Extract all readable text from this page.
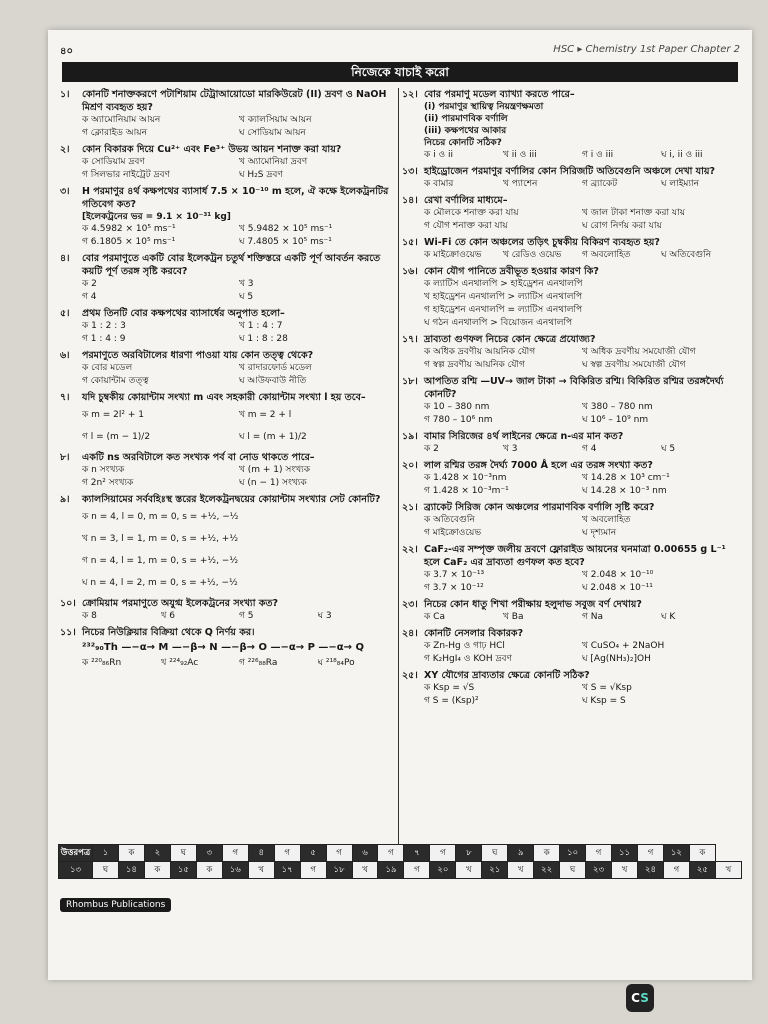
৪০	HSC ▸ Chemistry 1st Paper Chapter 2
নিজেকে যাচাই করো
১।	কোনটি শনাক্তকরণে পটাশিয়াম টেট্রাআয়োডো মারকিউরেট (II) দ্রবণ ও NaOH মিশ্রণ ব্যবহৃত হয়?
ক অ্যামোনিয়াম আয়ন	খ ক্যালসিয়াম আয়ন
গ ক্লোরাইড আয়ন	ঘ সোডিয়াম আয়ন
২।	কোন বিকারক দিয়ে Cu²⁺ এবং Fe³⁺ উভয় আয়ন শনাক্ত করা যায়?
ক সোডিয়াম দ্রবণ	খ অ্যামোনিয়া দ্রবণ
গ সিলভার নাইট্রেট দ্রবণ	ঘ H₂S দ্রবণ
৩।	H পরমাণুর ৪র্থ কক্ষপথের ব্যাসার্ধ 7.5 × 10⁻¹⁰ m হলে, ঐ কক্ষে ইলেকট্রনটির গতিবেগ কত?
[ইলেকট্রনের ভর = 9.1 × 10⁻³¹ kg]
ক 4.5982 × 10⁵ ms⁻¹	খ 5.9482 × 10⁵ ms⁻¹
গ 6.1805 × 10⁵ ms⁻¹	ঘ 7.4805 × 10⁵ ms⁻¹
৪।	বোর পরমাণুতে একটি বোর ইলেকট্রন চতুর্থ শক্তিস্তরে একটি পূর্ণ আবর্তন করতে কয়টি পূর্ণ তরঙ্গ সৃষ্টি করবে?
ক 2	খ 3
গ 4	ঘ 5
৫।	প্রথম তিনটি বোর কক্ষপথের ব্যাসার্ধের অনুপাত হলো–
ক 1 : 2 : 3	খ 1 : 4 : 7
গ 1 : 4 : 9	ঘ 1 : 8 : 28
৬।	পরমাণুতে অরবিটালের ধারণা পাওয়া যায় কোন তত্ত্ব থেকে?
ক বোর মডেল	খ রাদারফোর্ড মডেল
গ কোয়ান্টাম তত্ত্ব	ঘ আউফবাউ নীতি
৭।	যদি চুম্বকীয় কোয়ান্টাম সংখ্যা m এবং সহকারী কোয়ান্টাম সংখ্যা l হয় তবে–
ক m = 2l² + 1	খ m = 2 + l
গ l = (m − 1)/2	ঘ l = (m + 1)/2
৮।	একটি ns অরবিটালে কত সংখ্যক পর্ব বা নোড থাকতে পারে–
ক n সংখ্যক	খ (m + 1) সংখ্যক
গ 2n² সংখ্যক	ঘ (n − 1) সংখ্যক
৯।	ক্যালসিয়ামের সর্ববহিঃস্থ স্তরের ইলেকট্রনদ্বয়ের কোয়ান্টাম সংখ্যার সেট কোনটি?
ক n = 4, l = 0, m = 0, s = +½, −½
খ n = 3, l = 1, m = 0, s = +½, +½
গ n = 4, l = 1, m = 0, s = +½, −½
ঘ n = 4, l = 2, m = 0, s = +½, −½
১০। ক্রোমিয়াম পরমাণুতে অযুগ্ম ইলেকট্রনের সংখ্যা কত?
ক 8	খ 6	গ 5	ঘ 3
১১। নিচের নিউক্লিয়ার বিক্রিয়া থেকে Q নির্ণয় কর।
²³²₉₀Th —−α→ M —−β→ N —−β→ O —−α→ P —−α→ Q
ক ²²⁰₈₆Rn	খ ²²⁴₉₂Ac	গ ²²⁶₈₈Ra	ঘ ²¹⁸₈₄Po
১২। বোর পরমাণু মডেল ব্যাখ্যা করতে পারে–
(i) পরমাণুর স্থায়িত্ব নিয়ন্ত্রণক্ষমতা
(ii) পারমাণবিক বর্ণালি
(iii) কক্ষপথের আকার
নিচের কোনটি সঠিক?
ক i ও ii	খ ii ও iii	গ i ও iii	ঘ i, ii ও iii
১৩। হাইড্রোজেন পরমাণুর বর্ণালির কোন সিরিজটি অতিবেগুনি অঞ্চলে দেখা যায়?
ক বামার	খ প্যাশেন	গ ব্র্যাকেট	ঘ লাইম্যান
১৪। রেখা বর্ণালির মাধ্যমে–
ক মৌলকে শনাক্ত করা যায়	খ জাল টাকা শনাক্ত করা যায়
গ যৌগ শনাক্ত করা যায়	ঘ রোগ নির্ণয় করা যায়
১৫। Wi-Fi তে কোন অঞ্চলের তড়িৎ চুম্বকীয় বিকিরণ ব্যবহৃত হয়?
ক মাইক্রোওয়েভ	খ রেডিও ওয়েভ	গ অবলোহিত	ঘ অতিবেগুনি
১৬। কোন যৌগ পানিতে দ্রবীভূত হওয়ার কারণ কি?
ক ল্যাটিস এনথালপি > হাইড্রেশন এনথালপি
খ হাইড্রেশন এনথালপি > ল্যাটিস এনথালপি
গ হাইড্রেশন এনথালপি = ল্যাটিস এনথালপি
ঘ গঠন এনথালপি > বিয়োজন এনথালপি
১৭। দ্রাব্যতা গুণফল নিচের কোন ক্ষেত্রে প্রযোজ্য?
ক অধিক দ্রবণীয় আয়নিক যৌগ	খ অধিক দ্রবণীয় সমযোজী যৌগ
গ স্বল্প দ্রবণীয় আয়নিক যৌগ	ঘ স্বল্প দ্রবণীয় সমযোজী যৌগ
১৮। আপতিত রশ্মি —UV→ জাল টাকা → বিকিরিত রশ্মি। বিকিরিত রশ্মির তরঙ্গদৈর্ঘ্য কোনটি?
ক 10 – 380 nm	খ 380 – 780 nm
গ 780 – 10⁶ nm	ঘ 10⁶ – 10⁹ nm
১৯। বামার সিরিজের ৪র্থ লাইনের ক্ষেত্রে n-এর মান কত?
ক 2	খ 3	গ 4	ঘ 5
২০। লাল রশ্মির তরঙ্গ দৈর্ঘ্য 7000 Å হলে এর তরঙ্গ সংখ্যা কত?
ক 1.428 × 10⁻³nm	খ 14.28 × 10³ cm⁻¹
গ 1.428 × 10⁻³m⁻¹	ঘ 14.28 × 10⁻³ nm
২১। ব্র্যাকেট সিরিজ কোন অঞ্চলের পারমাণবিক বর্ণালি সৃষ্টি করে?
ক অতিবেগুনি	খ অবলোহিত
গ মাইক্রোওয়েভ	ঘ দৃশ্যমান
২২। CaF₂-এর সম্পৃক্ত জলীয় দ্রবণে ফ্লোরাইড আয়নের ঘনমাত্রা 0.00655 g L⁻¹ হলে CaF₂ এর দ্রাব্যতা গুণফল কত হবে?
ক 3.7 × 10⁻¹³	খ 2.048 × 10⁻¹⁰
গ 3.7 × 10⁻¹²	ঘ 2.048 × 10⁻¹¹
২৩। নিচের কোন ধাতু শিখা পরীক্ষায় হলুদাভ সবুজ বর্ণ দেখায়?
ক Ca	খ Ba	গ Na	ঘ K
২৪। কোনটি নেসলার বিকারক?
ক Zn-Hg ও গাঢ় HCl	খ CuSO₄ + 2NaOH
গ K₂HgI₄ ও KOH দ্রবণ	ঘ [Ag(NH₃)₂]OH
২৫। XY যৌগের দ্রাব্যতার ক্ষেত্রে কোনটি সঠিক?
ক Ksp = √S	খ S = √Ksp
গ S = (Ksp)²	ঘ Ksp = S
উত্তরপত্র	১	ক	২	ঘ	৩	গ	৪	গ	৫	গ	৬	গ	৭	গ	৮	ঘ	৯	ক	১০	গ	১১	গ	১২	ক	
১৩	ঘ	১৪	ক	১৫	ক	১৬	খ	১৭	গ	১৮	খ	১৯	গ	২০	খ	২১	খ	২২	ঘ	২৩	খ	২৪	গ	২৫	খ
Rhombus Publications
CS
